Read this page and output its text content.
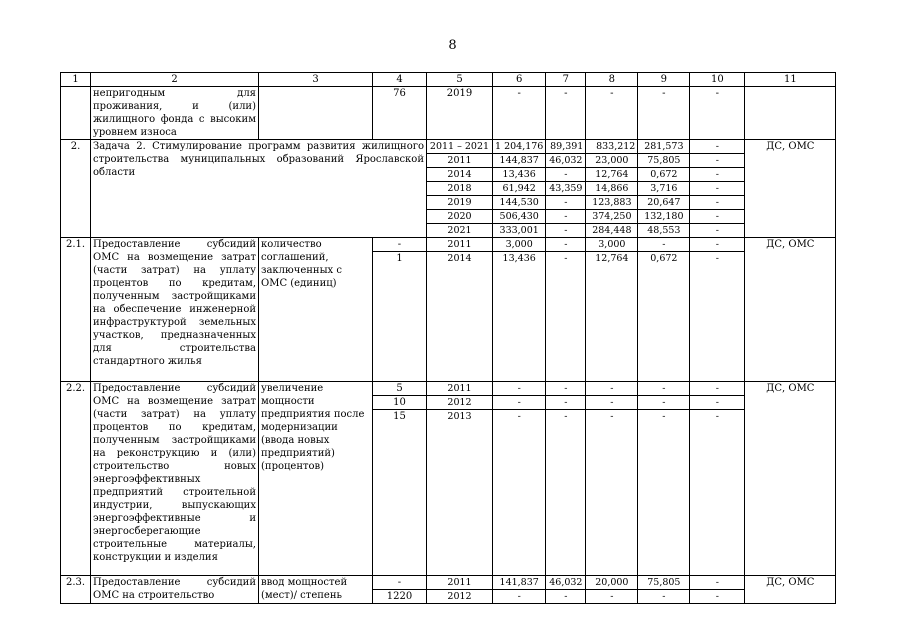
8
1	2	3	4	5	6	7	8	9	10	11
	непригодным для проживания, и (или) жилищного фонда с высоким уровнем износа		76	2019	-	-	-	-	-	
2.	Задача 2. Стимулирование программ развития жилищного строительства муниципальных образований Ярославской области			2011 – 2021	1 204,176	89,391	833,212	281,573	-	ДС, ОМС
				2011	144,837	46,032	23,000	75,805	-	
				2014	13,436	-	12,764	0,672	-	
				2018	61,942	43,359	14,866	3,716	-	
				2019	144,530	-	123,883	20,647	-	
				2020	506,430	-	374,250	132,180	-	
				2021	333,001	-	284,448	48,553	-	
2.1.	Предоставление субсидий ОМС на возмещение затрат (части затрат) на уплату процентов по кредитам, полученным застройщиками на обеспечение инженерной инфраструктурой земельных участков, предназначенных для строительства стандартного жилья	количество соглашений, заключенных с ОМС (единиц)	-	2011	3,000	-	3,000	-	-	ДС, ОМС
			1	2014	13,436	-	12,764	0,672	-	
2.2.	Предоставление субсидий ОМС на возмещение затрат (части затрат) на уплату процентов по кредитам, полученным застройщиками на реконструкцию и (или) строительство новых энергоэффективных предприятий строительной индустрии, выпускающих энергоэффективные и энергосберегающие строительные материалы, конструкции и изделия	увеличение мощности предприятия после модернизации (ввода новых предприятий) (процентов)	5	2011	-	-	-	-	-	ДС, ОМС
			10	2012	-	-	-	-	-	
			15	2013	-	-	-	-	-	
2.3.	Предоставление субсидий ОМС на строительство	ввод мощностей (мест)/ степень	-	2011	141,837	46,032	20,000	75,805	-	ДС, ОМС
			1220	2012	-	-	-	-	-	
